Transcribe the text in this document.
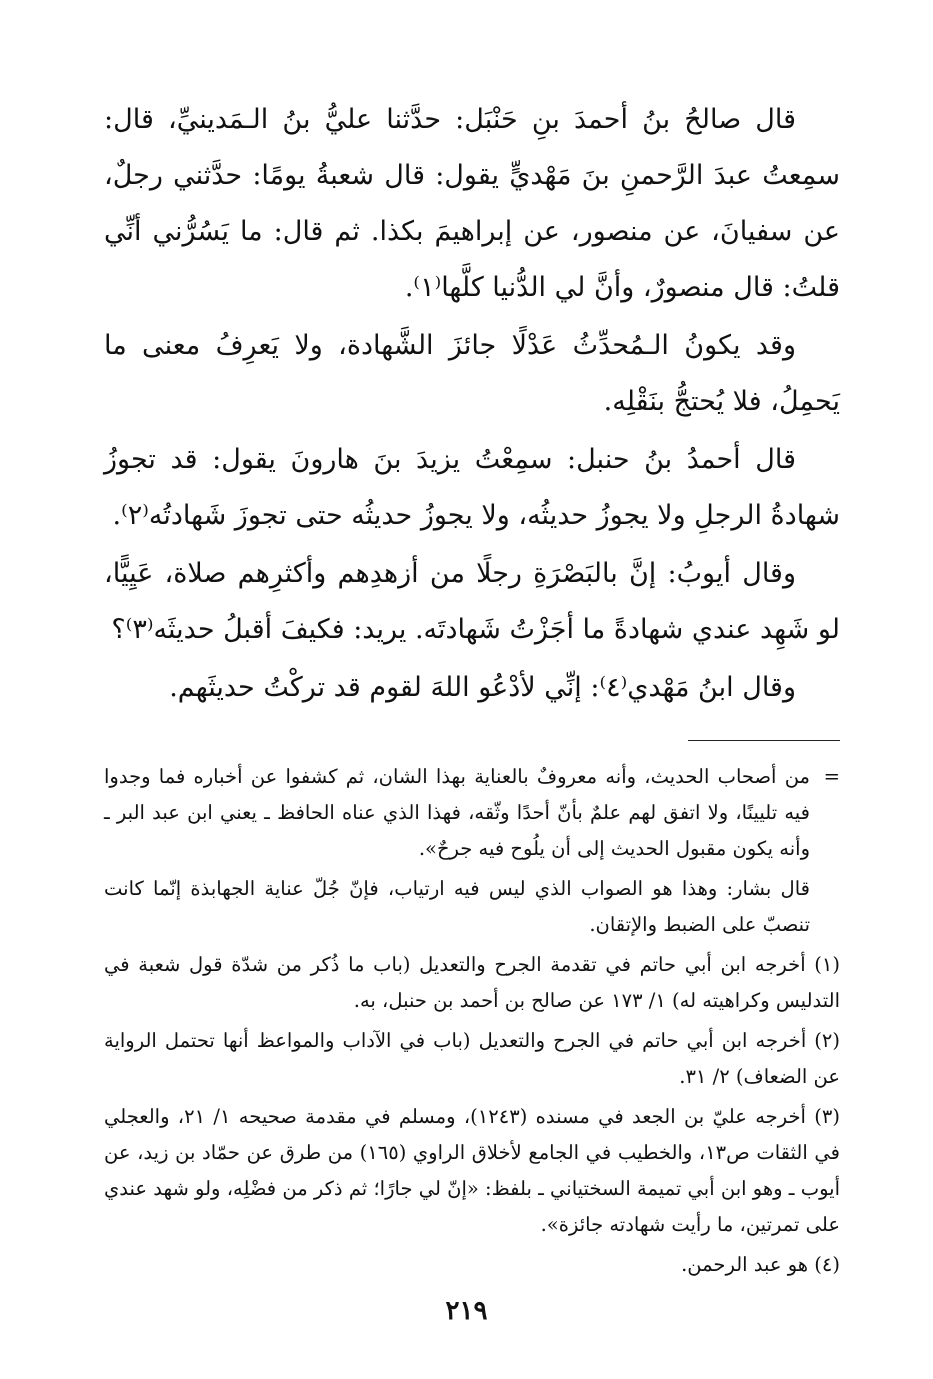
قال صالحُ بنُ أحمدَ بنِ حَنْبَل: حدَّثنا عليُّ بنُ الـمَدينيِّ، قال: سمِعتُ عبدَ الرَّحمنِ بنَ مَهْديٍّ يقول: قال شعبةُ يومًا: حدَّثني رجلٌ، عن سفيانَ، عن منصور، عن إبراهيمَ بكذا. ثم قال: ما يَسُرُّني أنِّي قلتُ: قال منصورٌ، وأنَّ لي الدُّنيا كلَّها⁽١⁾.

وقد يكونُ الـمُحدِّثُ عَدْلًا جائزَ الشَّهادة، ولا يَعرِفُ معنى ما يَحمِلُ، فلا يُحتجُّ بنَقْلِه.

قال أحمدُ بنُ حنبل: سمِعْتُ يزيدَ بنَ هارونَ يقول: قد تجوزُ شهادةُ الرجلِ ولا يجوزُ حديثُه، ولا يجوزُ حديثُه حتى تجوزَ شَهادتُه⁽٢⁾.

وقال أيوبُ: إنَّ بالبَصْرَةِ رجلًا من أزهدِهم وأكثرِهم صلاة، عَيِيًّا، لو شَهِد عندي شهادةً ما أجَزْتُ شَهادتَه. يريد: فكيفَ أقبلُ حديثَه⁽٣⁾؟

وقال ابنُ مَهْدي⁽٤⁾: إنِّي لأدْعُو اللهَ لقوم قد تركْتُ حديثَهم.

=
من أصحاب الحديث، وأنه معروفٌ بالعناية بهذا الشان، ثم كشفوا عن أخباره فما وجدوا فيه تليينًا، ولا اتفق لهم علمٌ بأنّ أحدًا وثّقه، فهذا الذي عناه الحافظ ـ يعني ابن عبد البر ـ وأنه يكون مقبول الحديث إلى أن يلُوح فيه جرحٌ».

قال بشار: وهذا هو الصواب الذي ليس فيه ارتياب، فإنّ جُلّ عناية الجهابذة إنّما كانت تنصبّ على الضبط والإتقان.

(١) أخرجه ابن أبي حاتم في تقدمة الجرح والتعديل (باب ما ذُكر من شدّة قول شعبة في التدليس وكراهيته له) ١/ ١٧٣ عن صالح بن أحمد بن حنبل، به.

(٢) أخرجه ابن أبي حاتم في الجرح والتعديل (باب في الآداب والمواعظ أنها تحتمل الرواية عن الضعاف) ٢/ ٣١.

(٣) أخرجه عليّ بن الجعد في مسنده (١٢٤٣)، ومسلم في مقدمة صحيحه ١/ ٢١، والعجلي في الثقات ص١٣، والخطيب في الجامع لأخلاق الراوي (١٦٥) من طرق عن حمّاد بن زيد، عن أيوب ـ وهو ابن أبي تميمة السختياني ـ بلفظ: «إنّ لي جارًا؛ ثم ذكر من فضْلِه، ولو شهد عندي على تمرتين، ما رأيت شهادته جائزة».

(٤) هو عبد الرحمن.

٢١٩
